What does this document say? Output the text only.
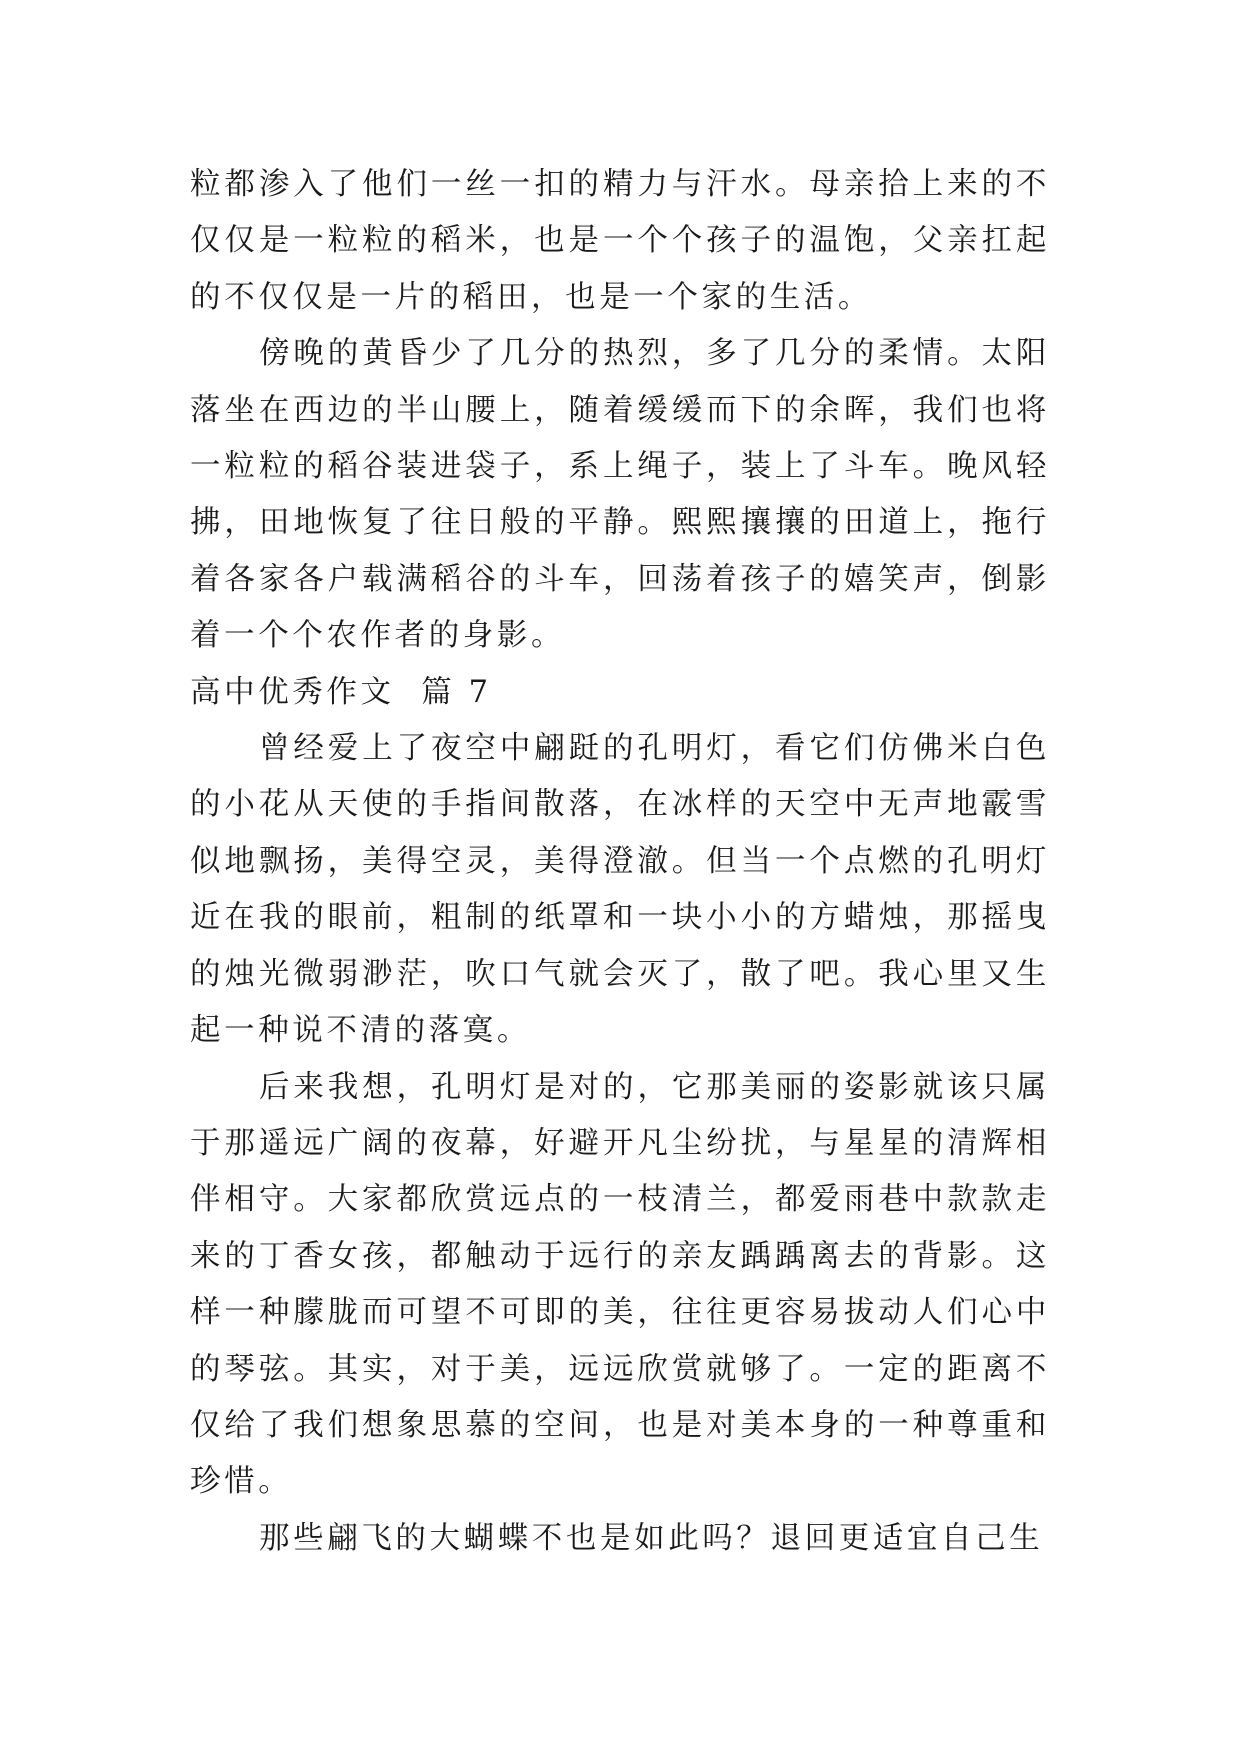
粒都渗入了他们一丝一扣的精力与汗水。母亲拾上来的不仅仅是一粒粒的稻米，也是一个个孩子的温饱，父亲扛起的不仅仅是一片的稻田，也是一个家的生活。

傍晚的黄昏少了几分的热烈，多了几分的柔情。太阳落坐在西边的半山腰上，随着缓缓而下的余晖，我们也将一粒粒的稻谷装进袋子，系上绳子，装上了斗车。晚风轻拂，田地恢复了往日般的平静。熙熙攘攘的田道上，拖行着各家各户载满稻谷的斗车，回荡着孩子的嬉笑声，倒影着一个个农作者的身影。

高中优秀作文  篇 7

曾经爱上了夜空中翩跹的孔明灯，看它们仿佛米白色的小花从天使的手指间散落，在冰样的天空中无声地霰雪似地飘扬，美得空灵，美得澄澈。但当一个点燃的孔明灯近在我的眼前，粗制的纸罩和一块小小的方蜡烛，那摇曳的烛光微弱渺茫，吹口气就会灭了，散了吧。我心里又生起一种说不清的落寞。

后来我想，孔明灯是对的，它那美丽的姿影就该只属于那遥远广阔的夜幕，好避开凡尘纷扰，与星星的清辉相伴相守。大家都欣赏远点的一枝清兰，都爱雨巷中款款走来的丁香女孩，都触动于远行的亲友踽踽离去的背影。这样一种朦胧而可望不可即的美，往往更容易拔动人们心中的琴弦。其实，对于美，远远欣赏就够了。一定的距离不仅给了我们想象思慕的空间，也是对美本身的一种尊重和珍惜。

那些翩飞的大蝴蝶不也是如此吗？退回更适宜自己生
